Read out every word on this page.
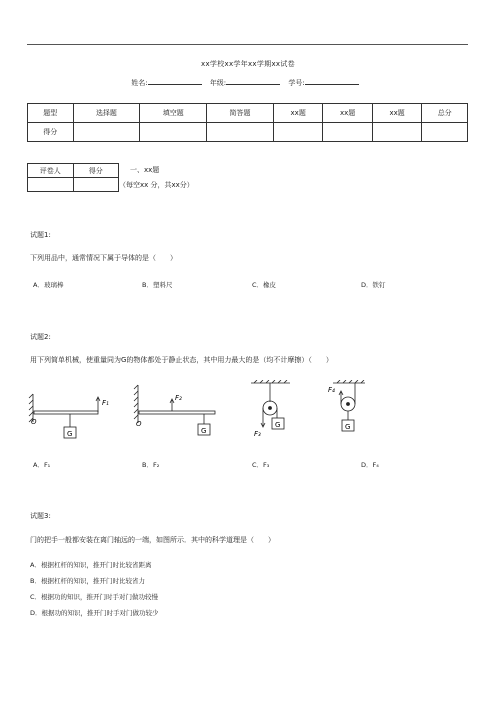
xx学校xx学年xx学期xx试卷
姓名:	年级:	学号:
题型	选择题	填空题	简答题	xx题	xx题	xx题	总分
得分							
评卷人	得分
		一、xx题
（每空xx 分，共xx分）
试题1:
下列用品中，通常情况下属于导体的是（　　）
A．玻璃棒	B．塑料尺	C．橡皮	D．铁钉
试题2:
用下列简单机械，使重量同为G的物体都处于静止状态，其中用力最大的是（均不计摩擦）（　　）
F₁
O
G
F₂
O
G	F₃
G
F₄
G
A．F₁	B．F₂	C．F₃	D．F₄
试题3:
门的把手一般都安装在离门轴远的一端，如图所示．其中的科学道理是（　　）
A．根据杠杆的知识，推开门时比较省距离
B．根据杠杆的知识，推开门时比较省力
C．根据功的知识，推开门时手对门做功较慢
D．根据功的知识，推开门时手对门做功较少
